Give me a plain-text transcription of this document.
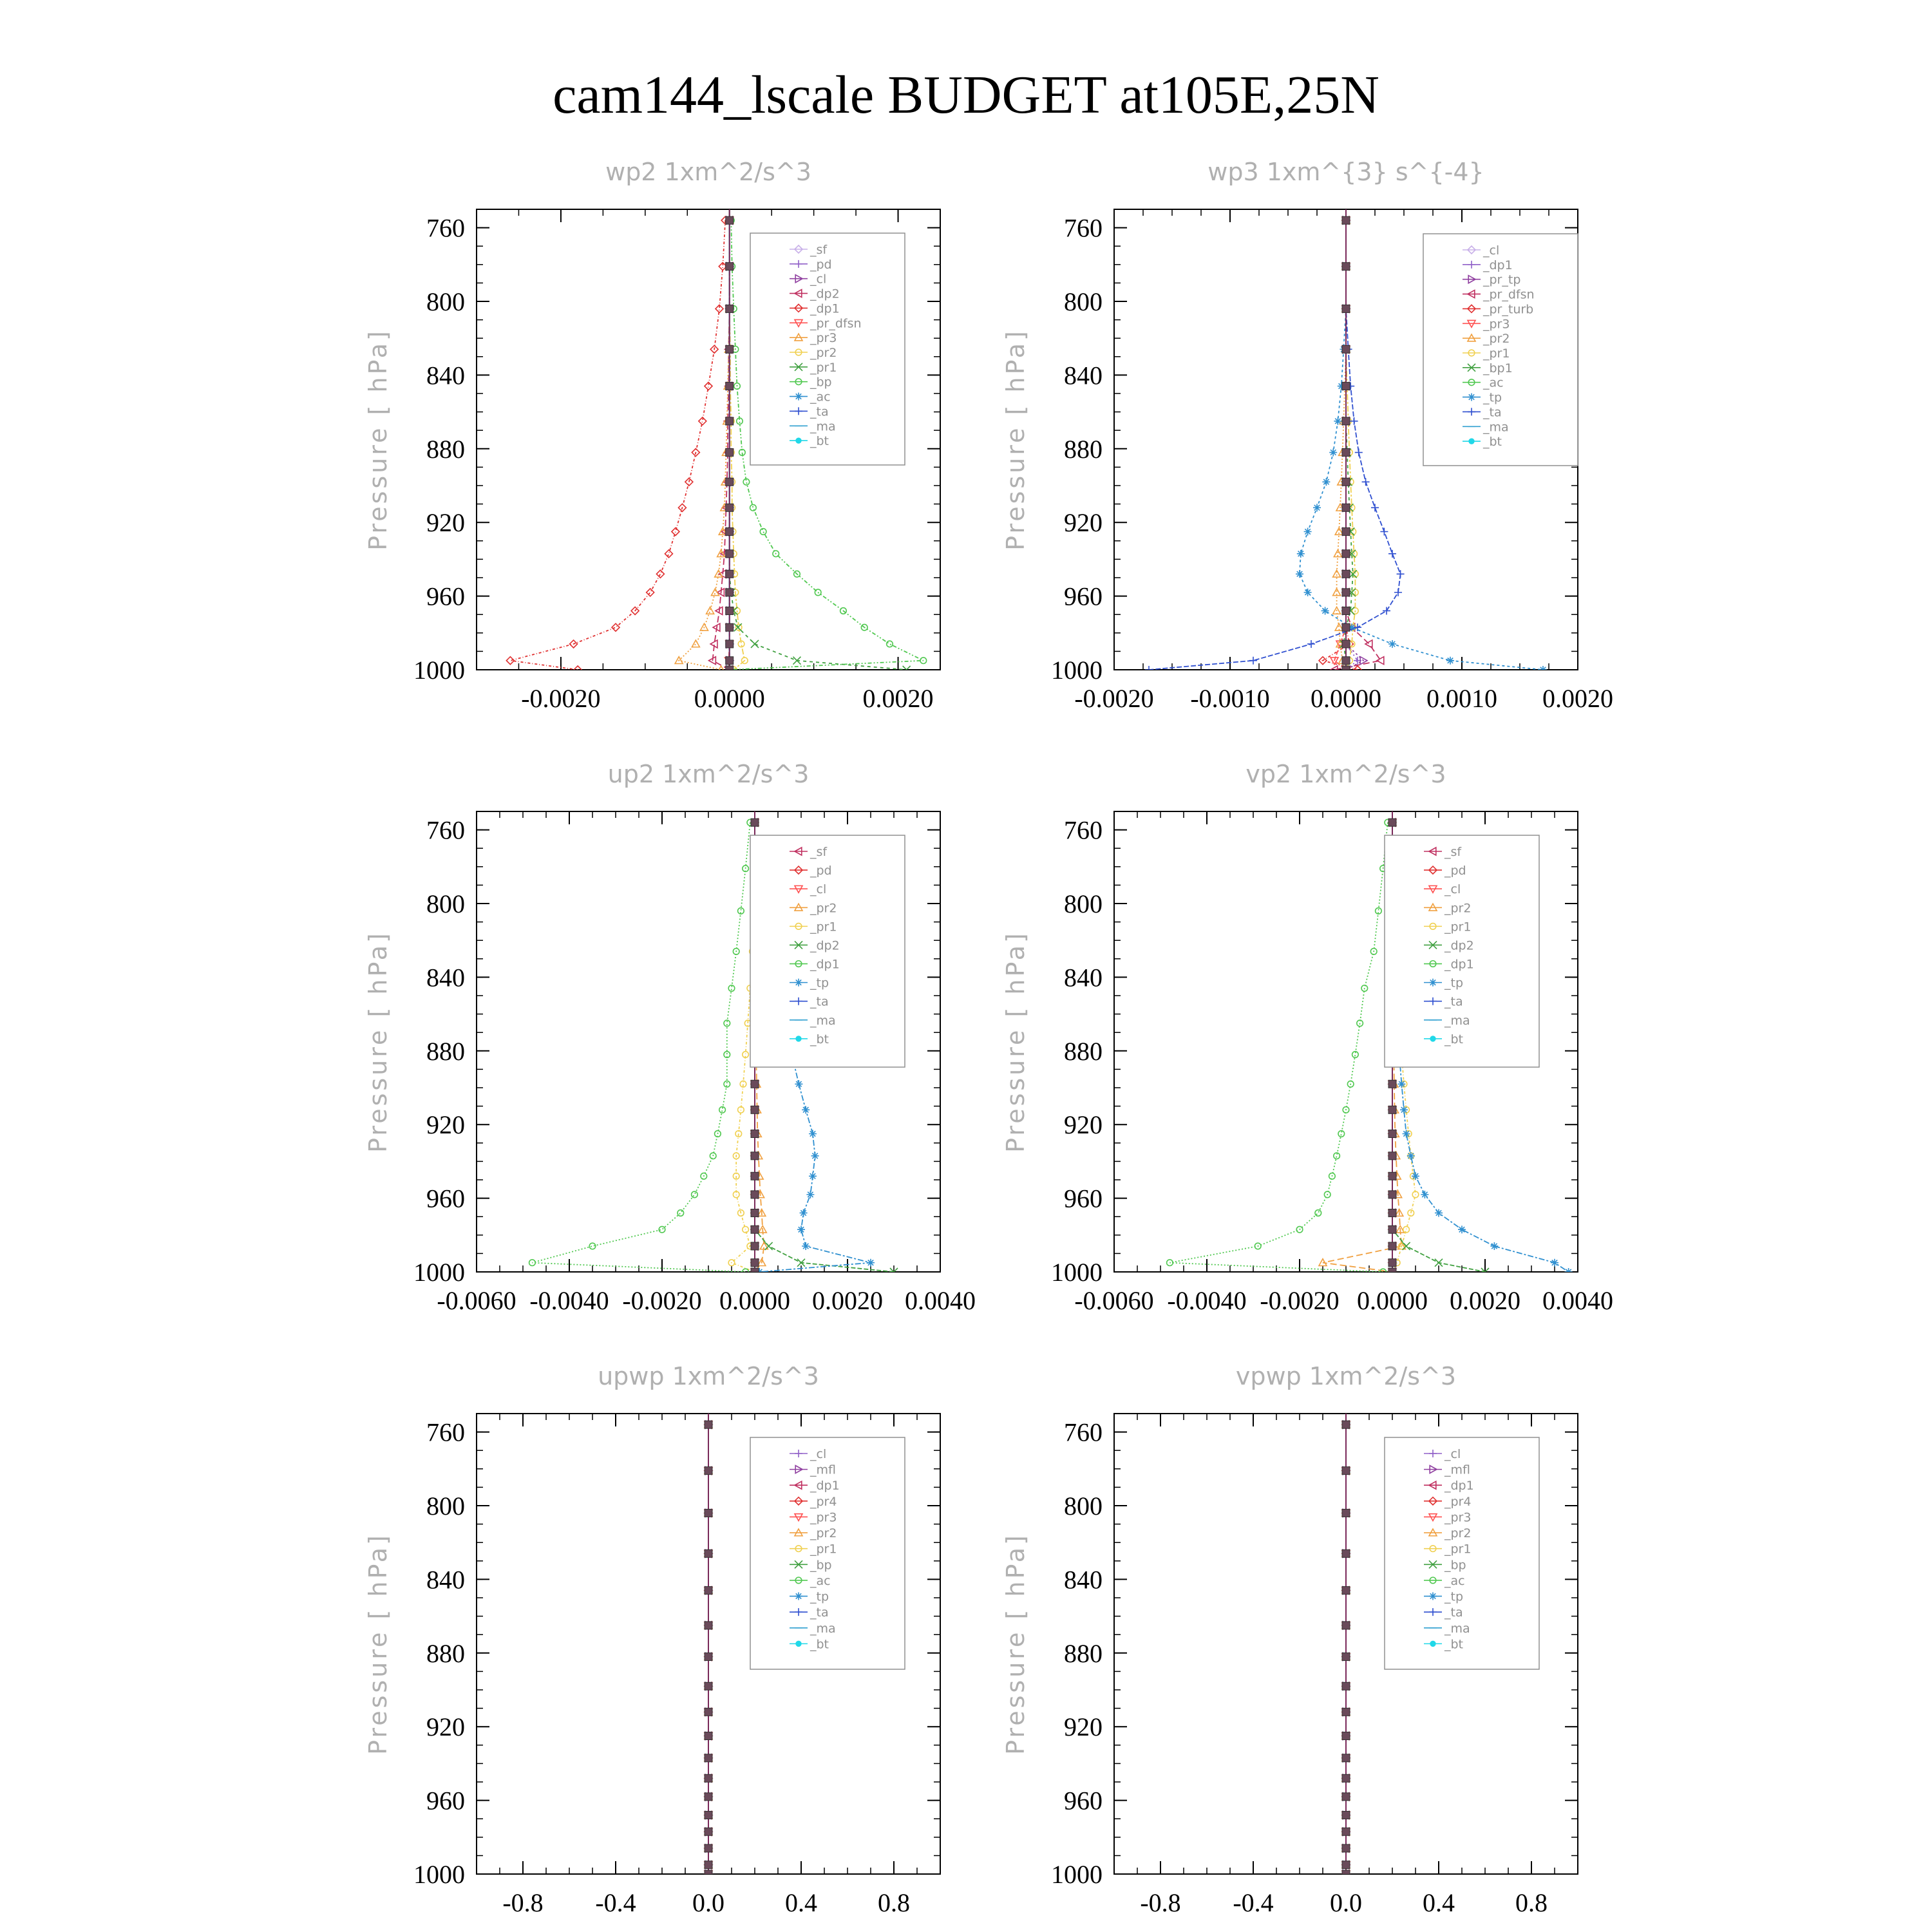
cam144_lscale BUDGET at105E,25N
wp2 1xm^2/s^3
Pressure [ hPa]
760
800
840
880
920
960
1000
-0.0020	0.0000	0.0020
_sf
_pd
_cl
_dp2
_dp1
_pr_dfsn
_pr3
_pr2
_pr1
_bp
_ac
_ta
_ma
_bt
wp3 1xm^{3} s^{-4}
Pressure [ hPa]
760
800
840
880
920
960
1000
-0.0020 -0.0010 0.0000 0.0010 0.0020
_cl
_dp1
_pr_tp
_pr_dfsn
_pr_turb
_pr3
_pr2
_pr1
_bp1
_ac
_tp
_ta
_ma
_bt
up2 1xm^2/s^3
Pressure [ hPa]
760
800
840
880
920
960
1000
-0.0060 -0.0040 -0.0020 0.0000 0.0020 0.0040
_sf
_pd
_cl
_pr2
_pr1
_dp2
_dp1
_tp
_ta
_ma
_bt
vp2 1xm^2/s^3
Pressure [ hPa]
760
800
840
880
920
960
1000
-0.0060 -0.0040 -0.0020 0.0000 0.0020 0.0040
_sf
_pd
_cl
_pr2
_pr1
_dp2
_dp1
_tp
_ta
_ma
_bt
upwp 1xm^2/s^3
Pressure [ hPa]
760
800
840
880
920
960
1000
-0.8 -0.4 0.0 0.4 0.8
_cl
_mfl
_dp1
_pr4
_pr3
_pr2
_pr1
_bp
_ac
_tp
_ta
_ma
_bt
vpwp 1xm^2/s^3
Pressure [ hPa]
760
800
840
880
920
960
1000
-0.8 -0.4 0.0 0.4 0.8
_cl
_mfl
_dp1
_pr4
_pr3
_pr2
_pr1
_bp
_ac
_tp
_ta
_ma
_bt
